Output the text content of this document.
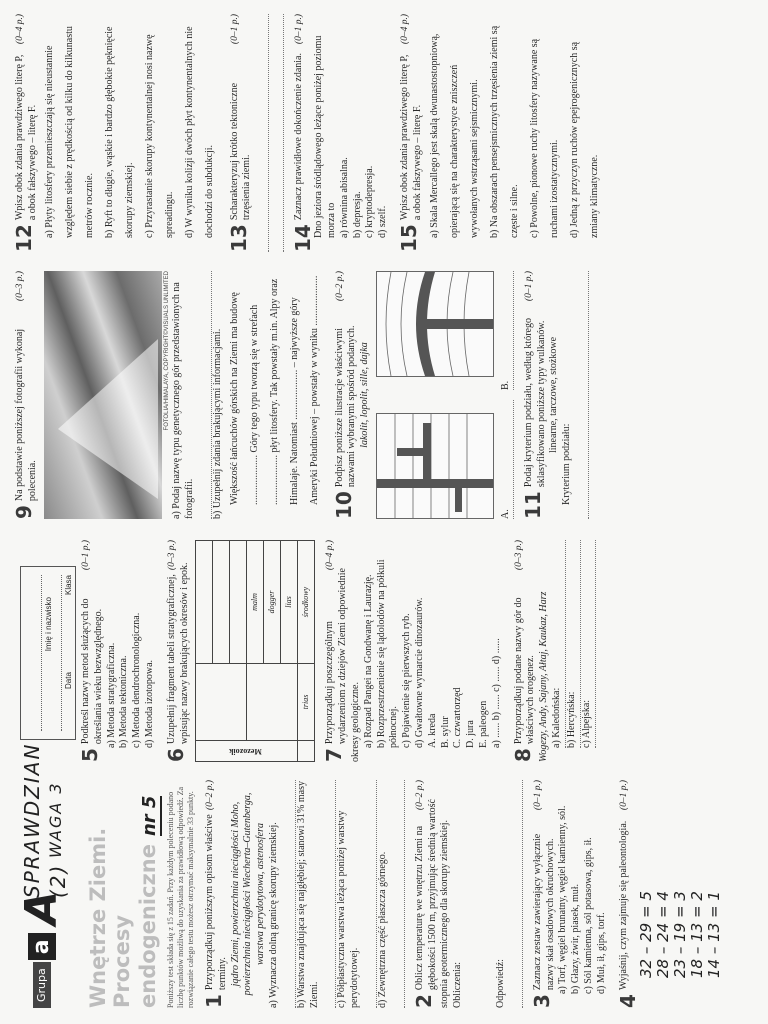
Grupaa A
SPRAWDZIAN (2)
WAGA 3
Wnętrze Ziemi. Procesy endogenicznenr 5 Poniższy test składa się z 15 zadań. Przy każdym poleceniu podano liczbę punktów możliwą do uzyskania za prawidłową odpowiedź. Za rozwiązanie całego testu możesz otrzymać maksymalnie 33 punkty. 1
(0–2 p.)
Przyporządkuj poniższym opisom właściwe terminy. jądro Ziemi, powierzchnia nieciągłości Moho, powierzchnia nieciągłości Wiecherta–Gutenberga, warstwa perydotytowa, astenosfera a) Wyznacza dolną granicę skorupy ziemskiej. b) Warstwa znajdująca się najgłębiej; stanowi 31% masy Ziemi. c) Półpłastyczna warstwa leżąca poniżej warstwy perydotytowej. d) Zewnętrzna część płaszcza górnego. 2
(0–2 p.)
Oblicz temperaturę we wnętrzu Ziemi na głębokości 1500 m, przyjmując średnią wartość stopnia geotermicznego dla skorupy ziemskiej. Obliczenia:	Odpowiedź: 3
(0–1 p.)
Zaznacz zestaw zawierający wyłącznie nazwy skał osadowych okruchowych. a) Torf, węgiel brunatny, węgiel kamienny, sól. b) Głazy, żwir, piasek, muł. c) Sól kamienna, sól potasowa, gips, ił. d) Muł, ił, gips, torf.
4
(0–1 p.)
Wyjaśnij, czym zajmuje się paleontologia. 32 – 29 = 5 28 – 24 = 4 23 – 19 = 3 18 – 13 = 2 14 – 13 = 1
Imię i nazwisko
Data
Klasa
5
(0–1 p.)
Podkreśl nazwy metod służących do określania wieku bezwzględnego. a) Metoda stratygraficzna. b) Metoda tektoniczna. c) Metoda dendrochronologiczna. d) Metoda izotopowa.
6
(0–3 p.)
Uzupełnij fragment tabeli stratygraficznej, wpisując nazwy brakujących okresów i epok.
Mezozoik		

		malm
		dogger
		lias
	trias	środkowy
7
(0–4 p.)
Przyporządkuj poszczególnym wydarzeniom z dziejów Ziemi odpowiednie okresy geologiczne. a) Rozpad Pangei na Gondwanę i Laurazję. b) Rozprzestrzenienie się lądolodów na półkuli północnej. c) Pojawienie się pierwszych ryb. d) Gwałtowne wymarcie dinozaurów. A. kreda B. sylur C. czwartorzęd D. jura E. paleogen a) ...... b) ...... c) ...... d) ......
8
(0–3 p.)
Przyporządkuj podane nazwy gór do właściwych orogenez. Wogezy, Andy, Sajany, Ałtaj, Kaukaz, Harz a) Kaledońska: b) Hercyńska: c) Alpejska:
9
(0–3 p.)
Na podstawie poniższej fotografii wykonaj polecenia.
FOTOLIA/HIMALAYA, COPYRIGHT©VISUALS UNLIMITED a) Podaj nazwę typu genetycznego gór przedstawionych na fotografii. b) Uzupełnij zdania brakującymi informacjami. Większość łańcuchów górskich na Ziemi ma budowę .................... Góry tego typu tworzą się w strefach .................... płyt litosfery. Tak powstały m.in. Alpy oraz Himalaje. Natomiast .................... – najwyższe góry Ameryki Południowej – powstały w wyniku ....................
10
(0–2 p.)
Podpisz poniższe ilustracje właściwymi nazwami wybranymi spośród podanych. lakolit, lopolit, sille, dajka
A.
B.
11
(0–1 p.)
Podaj kryterium podziału, według którego sklasyfikowano poniższe typy wulkanów. linearne, tarczowe, stożkowe
Kryterium podziału:
12
(0–4 p.)
Wpisz obok zdania prawdziwego literę P, a obok fałszywego – literę F. a) Płyty litosfery przemieszczają się nieustannie względem siebie z prędkością od kilku do kilkunastu metrów rocznie. b) Ryft to długie, wąskie i bardzo głębokie pęknięcie skorupy ziemskiej. c) Przyrastanie skorupy kontynentalnej nosi nazwę spreadingu. d) W wyniku kolizji dwóch płyt kontynentalnych nie dochodzi do subdukcji.
13
(0–1 p.)
Scharakteryzuj krótko tektoniczne trzęsienia ziemi.
14
(0–1 p.)
Zaznacz prawidłowe dokończenie zdania. Dno jeziora śródlądowego leżące poniżej poziomu morza to a) równina abisalna. b) depresja. c) kryptodepresja. d) szelf.
15
(0–4 p.)
Wpisz obok zdania prawdziwego literę P, a obok fałszywego – literę F. a) Skala Mercallego jest skalą dwunastostopniową, opierającą się na charakterystyce zniszczeń wywołanych wstrząsami sejsmicznymi. b) Na obszarach pensejsmicznych trzęsienia ziemi są częste i silne. c) Powolne, pionowe ruchy litosfery nazywane są ruchami izostatycznymi. d) Jedną z przyczyn ruchów epejrogenicznych są zmiany klimatyczne.
